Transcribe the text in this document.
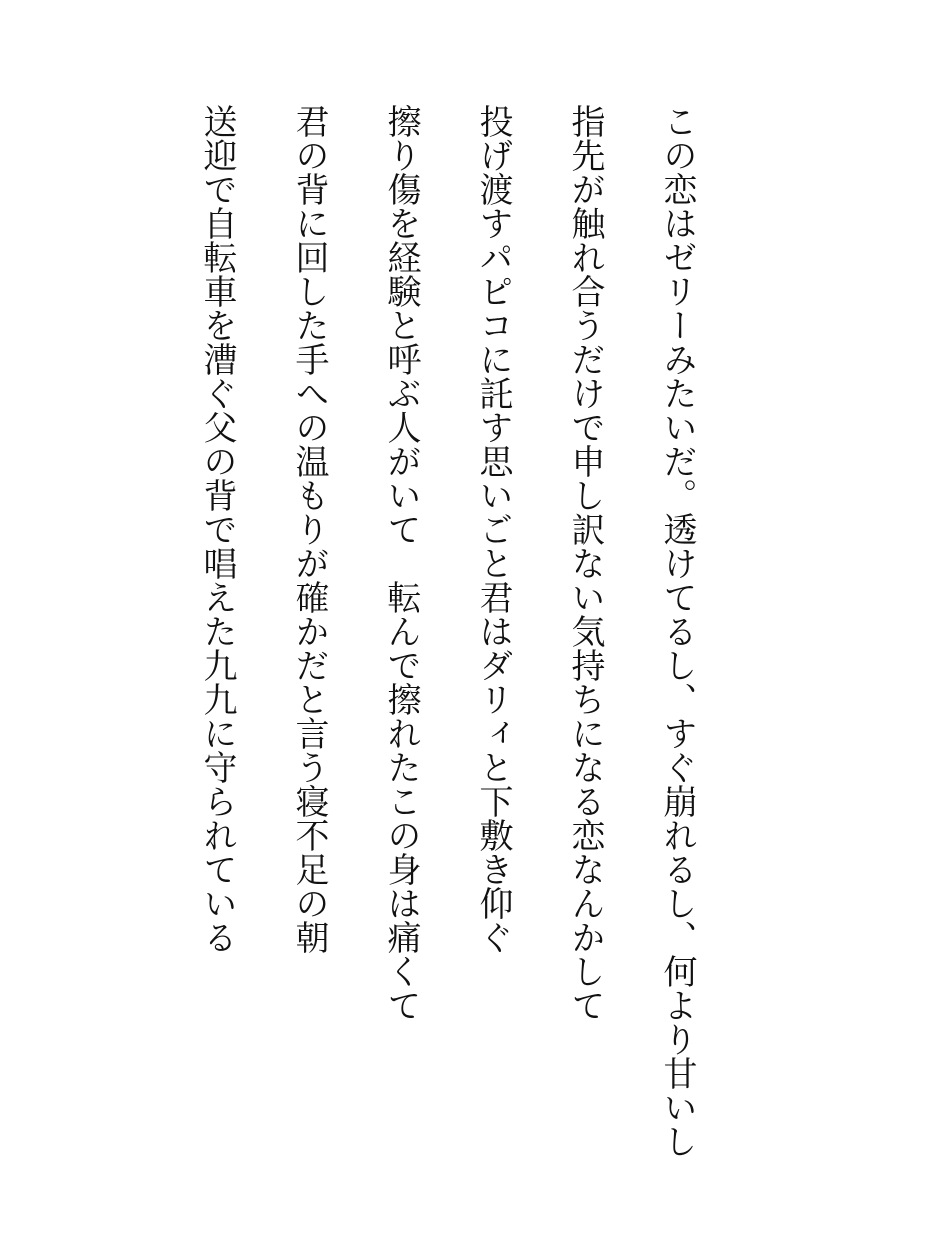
この恋はゼリーみたいだ。透けてるし、すぐ崩れるし、何より甘いし

指先が触れ合うだけで申し訳ない気持ちになる恋なんかして

投げ渡すパピコに託す思いごと君はダリィと下敷き仰ぐ

擦り傷を経験と呼ぶ人がいて　転んで擦れたこの身は痛くて

君の背に回した手への温もりが確かだと言う寝不足の朝

送迎で自転車を漕ぐ父の背で唱えた九九に守られている
